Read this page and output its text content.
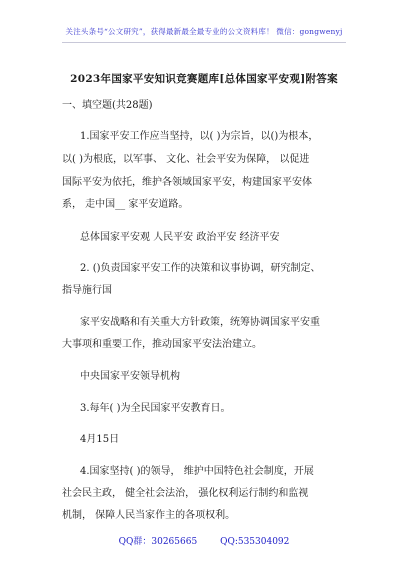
关注头条号“公文研究”，获得最新最全最专业的公文资料库！ 微信：gongwenyj
2023年国家平安知识竞赛题库[总体国家平安观]附答案
一、填空题(共28题)
1.国家平安工作应当坚持，以( )为宗旨，以()为根本，
以( )为根底，以军事、 文化、社会平安为保障， 以促进
国际平安为依托，维护各领域国家平安，构建国家平安体
系， 走中国__ 家平安道路。
总体国家平安观 人民平安 政治平安 经济平安
2. ()负责国家平安工作的决策和议事协调，研究制定、
指导施行国
家平安战略和有关重大方针政策，统筹协调国家平安重
大事项和重要工作，推动国家平安法治建立。
中央国家平安领导机构
3.每年( )为全民国家平安教育日。
4月15日
4.国家坚持( )的领导， 维护中国特色社会制度，开展
社会民主政， 健全社会法治， 强化权利运行制约和监视
机制， 保障人民当家作主的各项权利。
QQ群：30265665	QQ:535304092
